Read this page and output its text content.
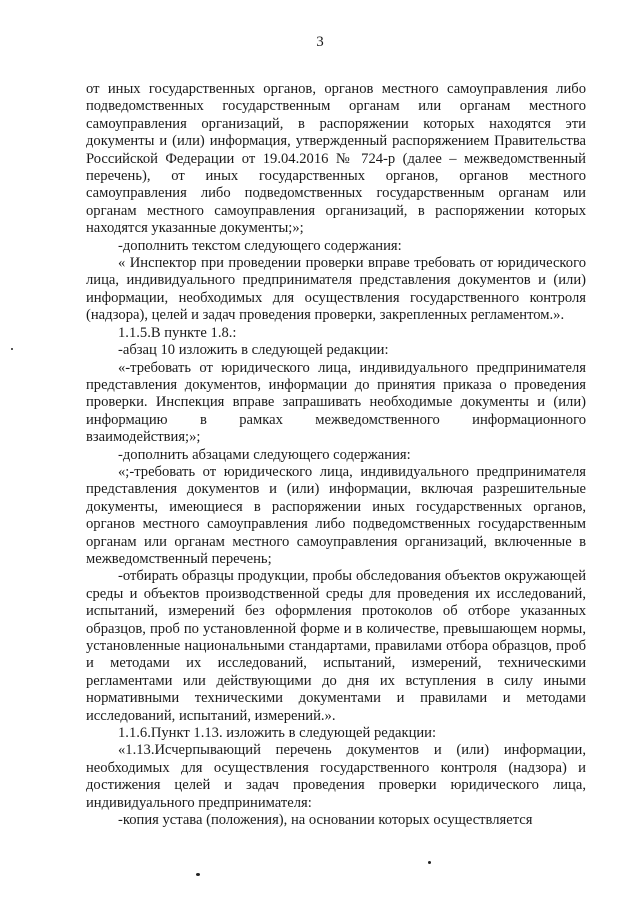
3

от иных государственных органов, органов местного самоуправления либо подведомственных государственным органам или органам местного самоуправления организаций, в распоряжении которых находятся эти документы и (или) информация, утвержденный распоряжением Правительства Российской Федерации от 19.04.2016 № 724-р (далее – межведомственный перечень), от иных государственных органов, органов местного самоуправления либо подведомственных государственным органам или органам местного самоуправления организаций, в распоряжении которых находятся указанные документы;»;

-дополнить текстом следующего содержания:

« Инспектор при проведении проверки вправе требовать от юридического лица, индивидуального предпринимателя представления документов и (или) информации, необходимых для осуществления государственного контроля (надзора), целей и задач проведения проверки, закрепленных регламентом.».

1.1.5.В пункте 1.8.:

-абзац 10 изложить в следующей редакции:

«-требовать от юридического лица, индивидуального предпринимателя представления документов, информации до принятия приказа о проведения проверки. Инспекция вправе запрашивать необходимые документы и (или) информацию в рамках межведомственного информационного взаимодействия;»;

-дополнить абзацами следующего содержания:

«;-требовать от юридического лица, индивидуального предпринимателя представления документов и (или) информации, включая разрешительные документы, имеющиеся в распоряжении иных государственных органов, органов местного самоуправления либо подведомственных государственным органам или органам местного самоуправления организаций, включенные в межведомственный перечень;

-отбирать образцы продукции, пробы обследования объектов окружающей среды и объектов производственной среды для проведения их исследований, испытаний, измерений без оформления протоколов об отборе указанных образцов, проб по установленной форме и в количестве, превышающем нормы, установленные национальными стандартами, правилами отбора образцов, проб и методами их исследований, испытаний, измерений, техническими регламентами или действующими до дня их вступления в силу иными нормативными техническими документами и правилами и методами исследований, испытаний, измерений.».

1.1.6.Пункт 1.13. изложить в следующей редакции:

«1.13.Исчерпывающий перечень документов и (или) информации, необходимых для осуществления государственного контроля (надзора) и достижения целей и задач проведения проверки юридического лица, индивидуального предпринимателя:

-копия устава (положения), на основании которых осуществляется
